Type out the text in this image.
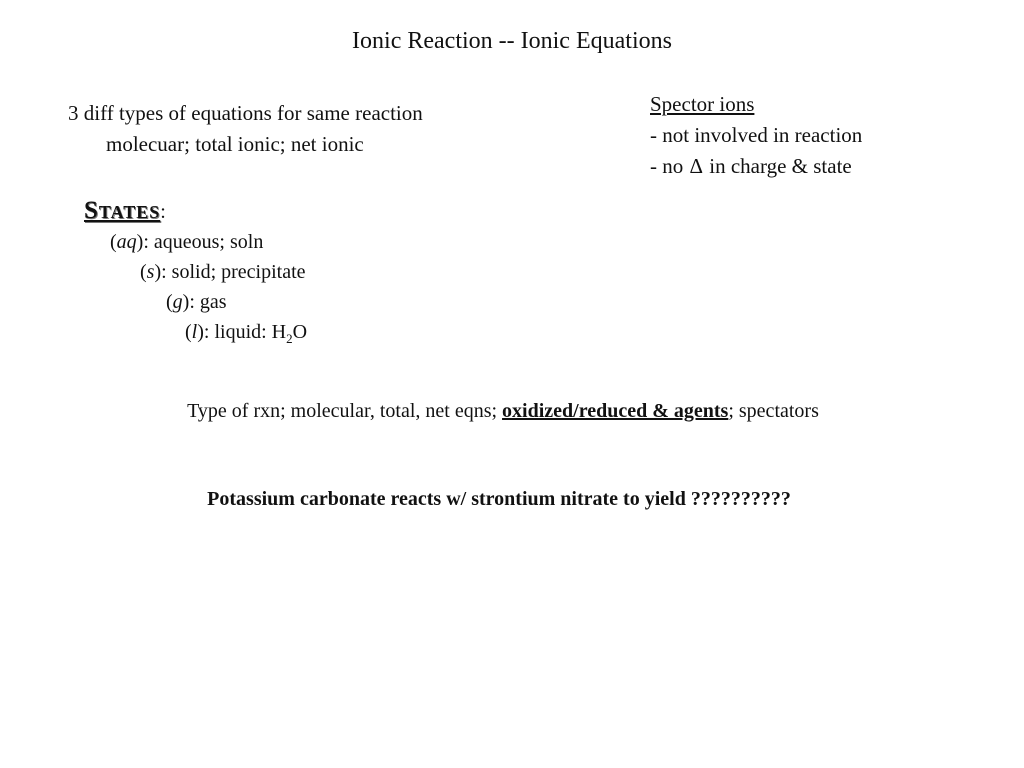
Ionic Reaction -- Ionic Equations
3 diff types of equations for same reaction
molecuar; total ionic; net ionic
Spector ions
- not involved in reaction
- no Δ in charge & state
States:
(aq): aqueous; soln
(s): solid; precipitate
(g): gas
(l): liquid: $H_2O$
Type of rxn; molecular, total, net eqns; oxidized/reduced & agents; spectators
Potassium carbonate reacts w/ strontium nitrate to yield ??????????
